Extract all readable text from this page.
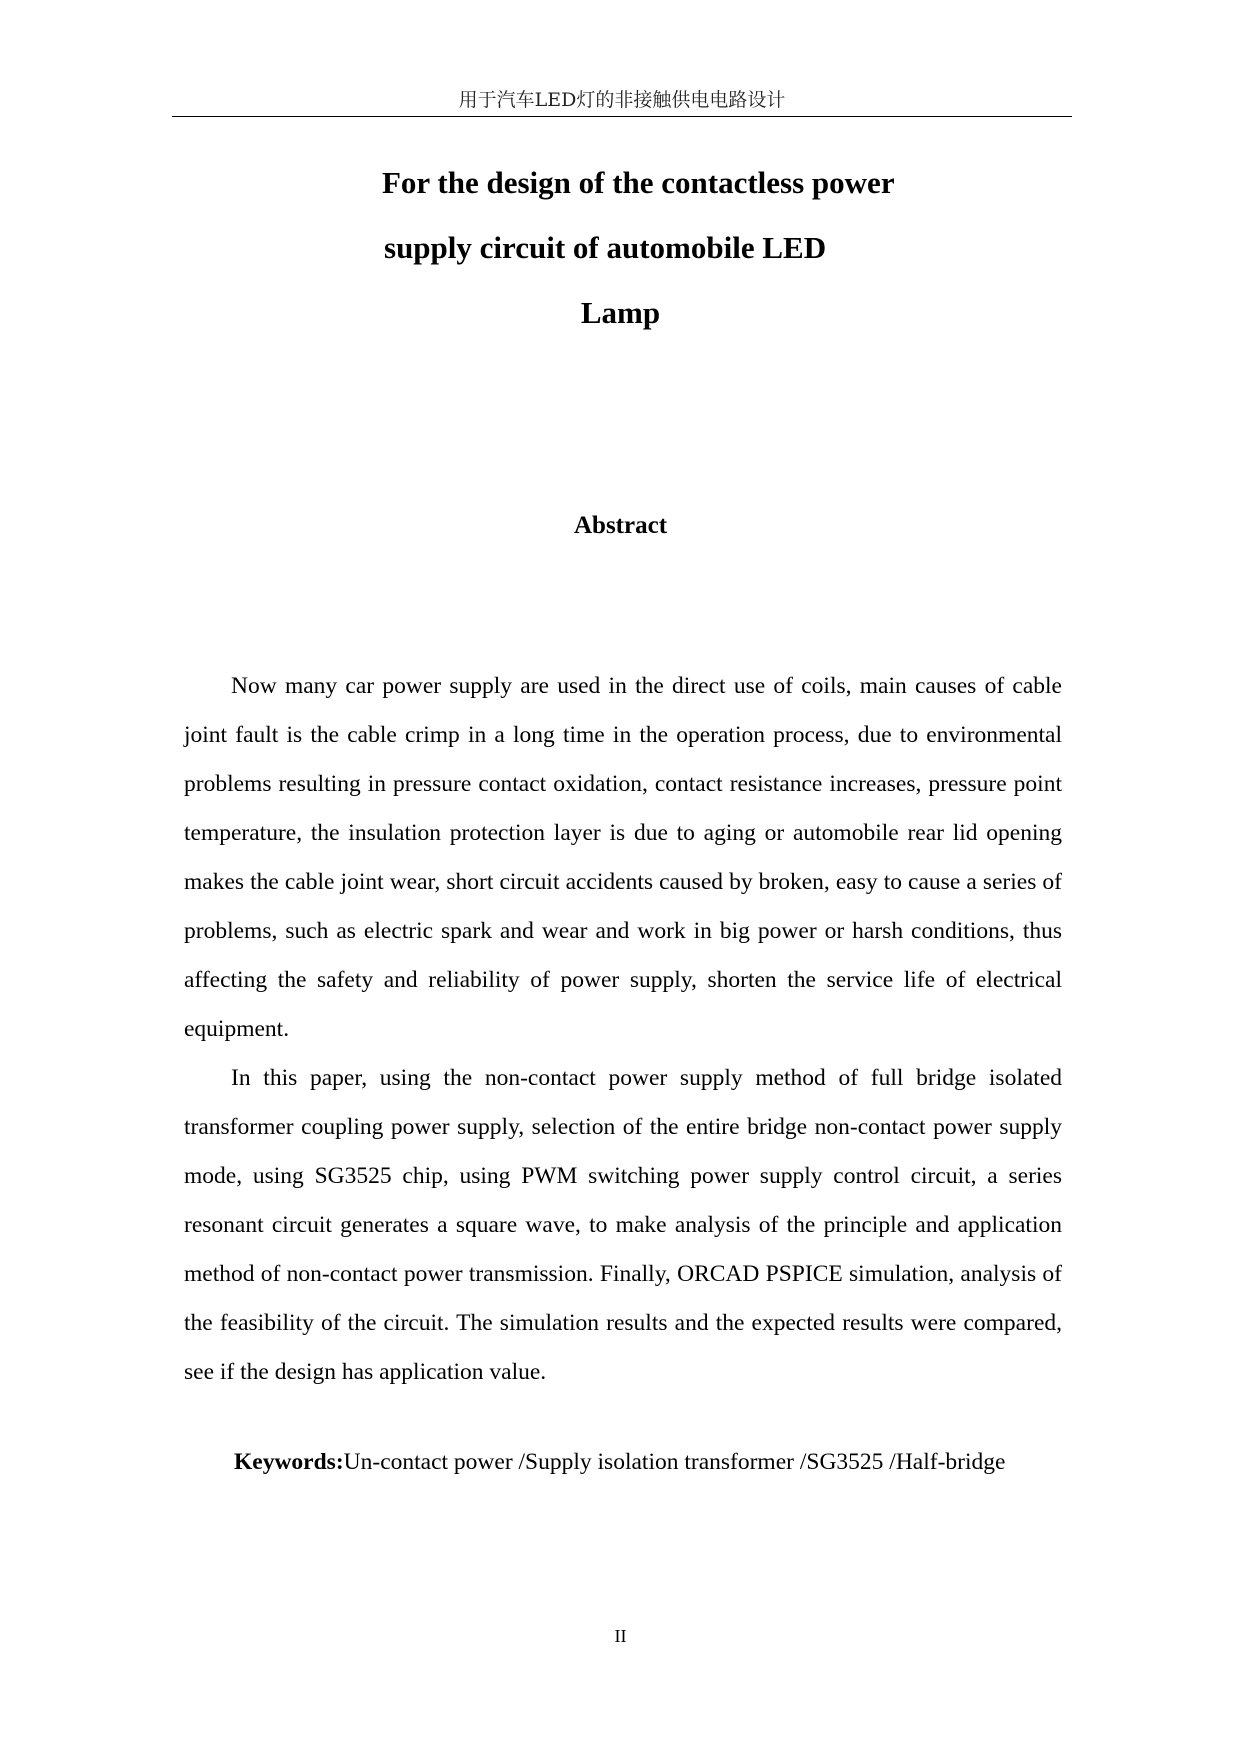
用于汽车LED灯的非接触供电电路设计
For the design of the contactless power
supply circuit of automobile LED
Lamp
Abstract

Now many car power supply are used in the direct use of coils, main causes of cable joint fault is the cable crimp in a long time in the operation process, due to environmental problems resulting in pressure contact oxidation, contact resistance increases, pressure point temperature, the insulation protection layer is due to aging or automobile rear lid opening makes the cable joint wear, short circuit accidents caused by broken, easy to cause a series of problems, such as electric spark and wear and work in big power or harsh conditions, thus affecting the safety and reliability of power supply, shorten the service life of electrical equipment.

In this paper, using the non-contact power supply method of full bridge isolated transformer coupling power supply, selection of the entire bridge non-contact power supply mode, using SG3525 chip, using PWM switching power supply control circuit, a series resonant circuit generates a square wave, to make analysis of the principle and application method of non-contact power transmission. Finally, ORCAD PSPICE simulation, analysis of the feasibility of the circuit. The simulation results and the expected results were compared, see if the design has application value.

Keywords:Un-contact power /Supply isolation transformer /SG3525 /Half-bridge
II
